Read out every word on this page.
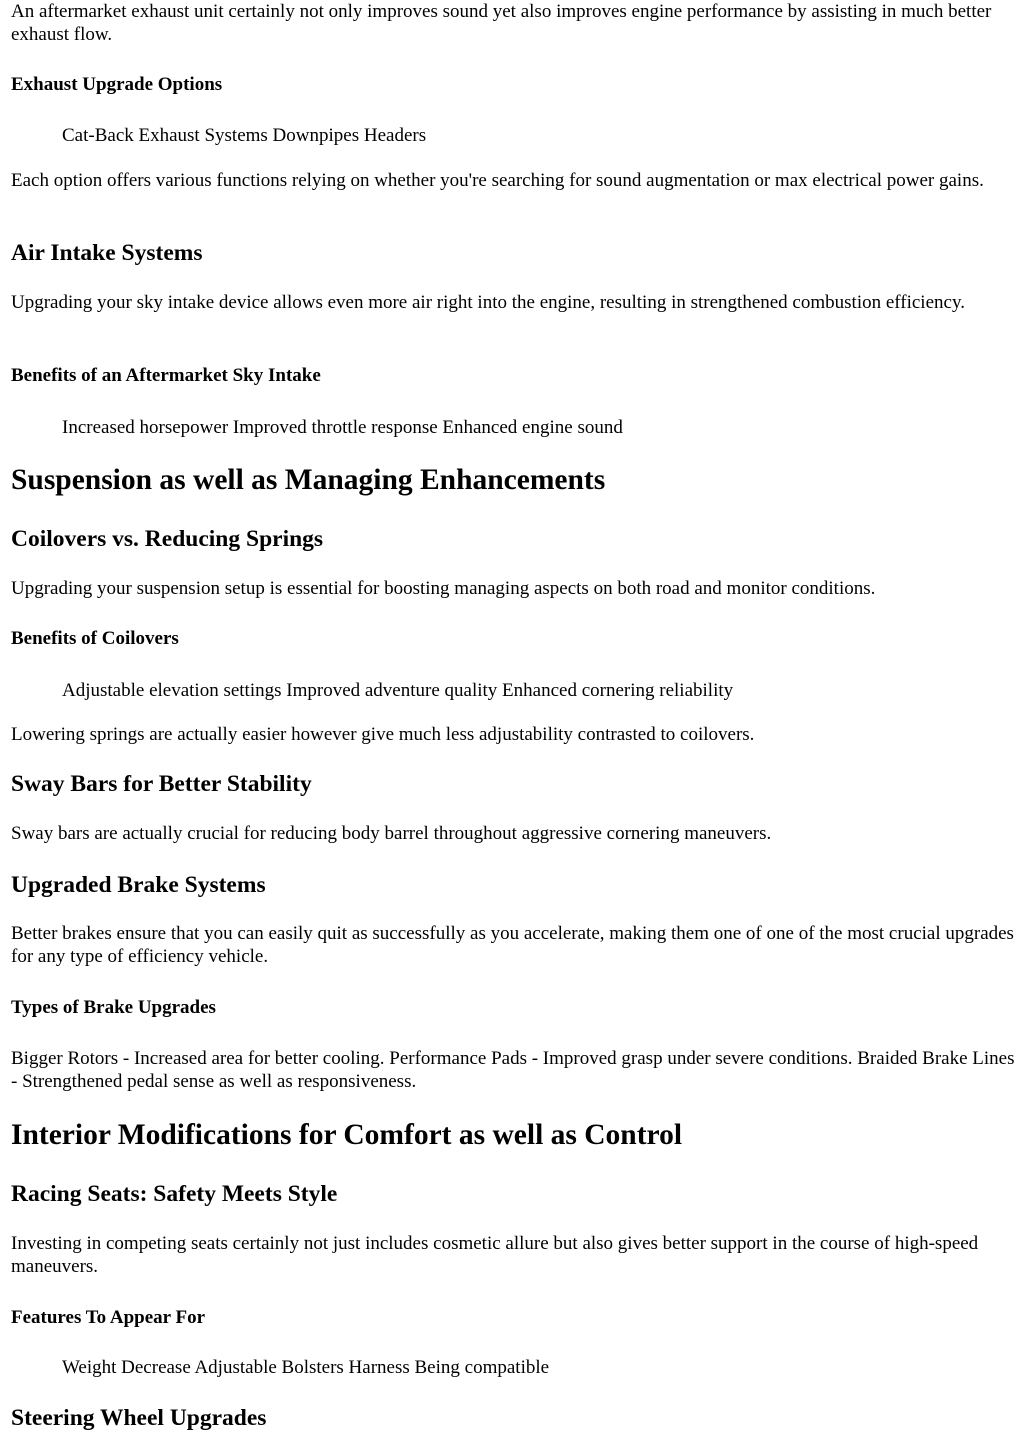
An aftermarket exhaust unit certainly not only improves sound yet also improves engine performance by assisting in much better exhaust flow.

Exhaust Upgrade Options
Cat-Back Exhaust Systems Downpipes Headers

Each option offers various functions relying on whether you're searching for sound augmentation or max electrical power gains.

Air Intake Systems

Upgrading your sky intake device allows even more air right into the engine, resulting in strengthened combustion efficiency.

Benefits of an Aftermarket Sky Intake
Increased horsepower Improved throttle response Enhanced engine sound
Suspension as well as Managing Enhancements
Coilovers vs. Reducing Springs

Upgrading your suspension setup is essential for boosting managing aspects on both road and monitor conditions.

Benefits of Coilovers
Adjustable elevation settings Improved adventure quality Enhanced cornering reliability

Lowering springs are actually easier however give much less adjustability contrasted to coilovers.

Sway Bars for Better Stability

Sway bars are actually crucial for reducing body barrel throughout aggressive cornering maneuvers.

Upgraded Brake Systems

Better brakes ensure that you can easily quit as successfully as you accelerate, making them one of one of the most crucial upgrades for any type of efficiency vehicle.

Types of Brake Upgrades

Bigger Rotors - Increased area for better cooling. Performance Pads - Improved grasp under severe conditions. Braided Brake Lines - Strengthened pedal sense as well as responsiveness.

Interior Modifications for Comfort as well as Control
Racing Seats: Safety Meets Style

Investing in competing seats certainly not just includes cosmetic allure but also gives better support in the course of high-speed maneuvers.

Features To Appear For
Weight Decrease Adjustable Bolsters Harness Being compatible
Steering Wheel Upgrades
